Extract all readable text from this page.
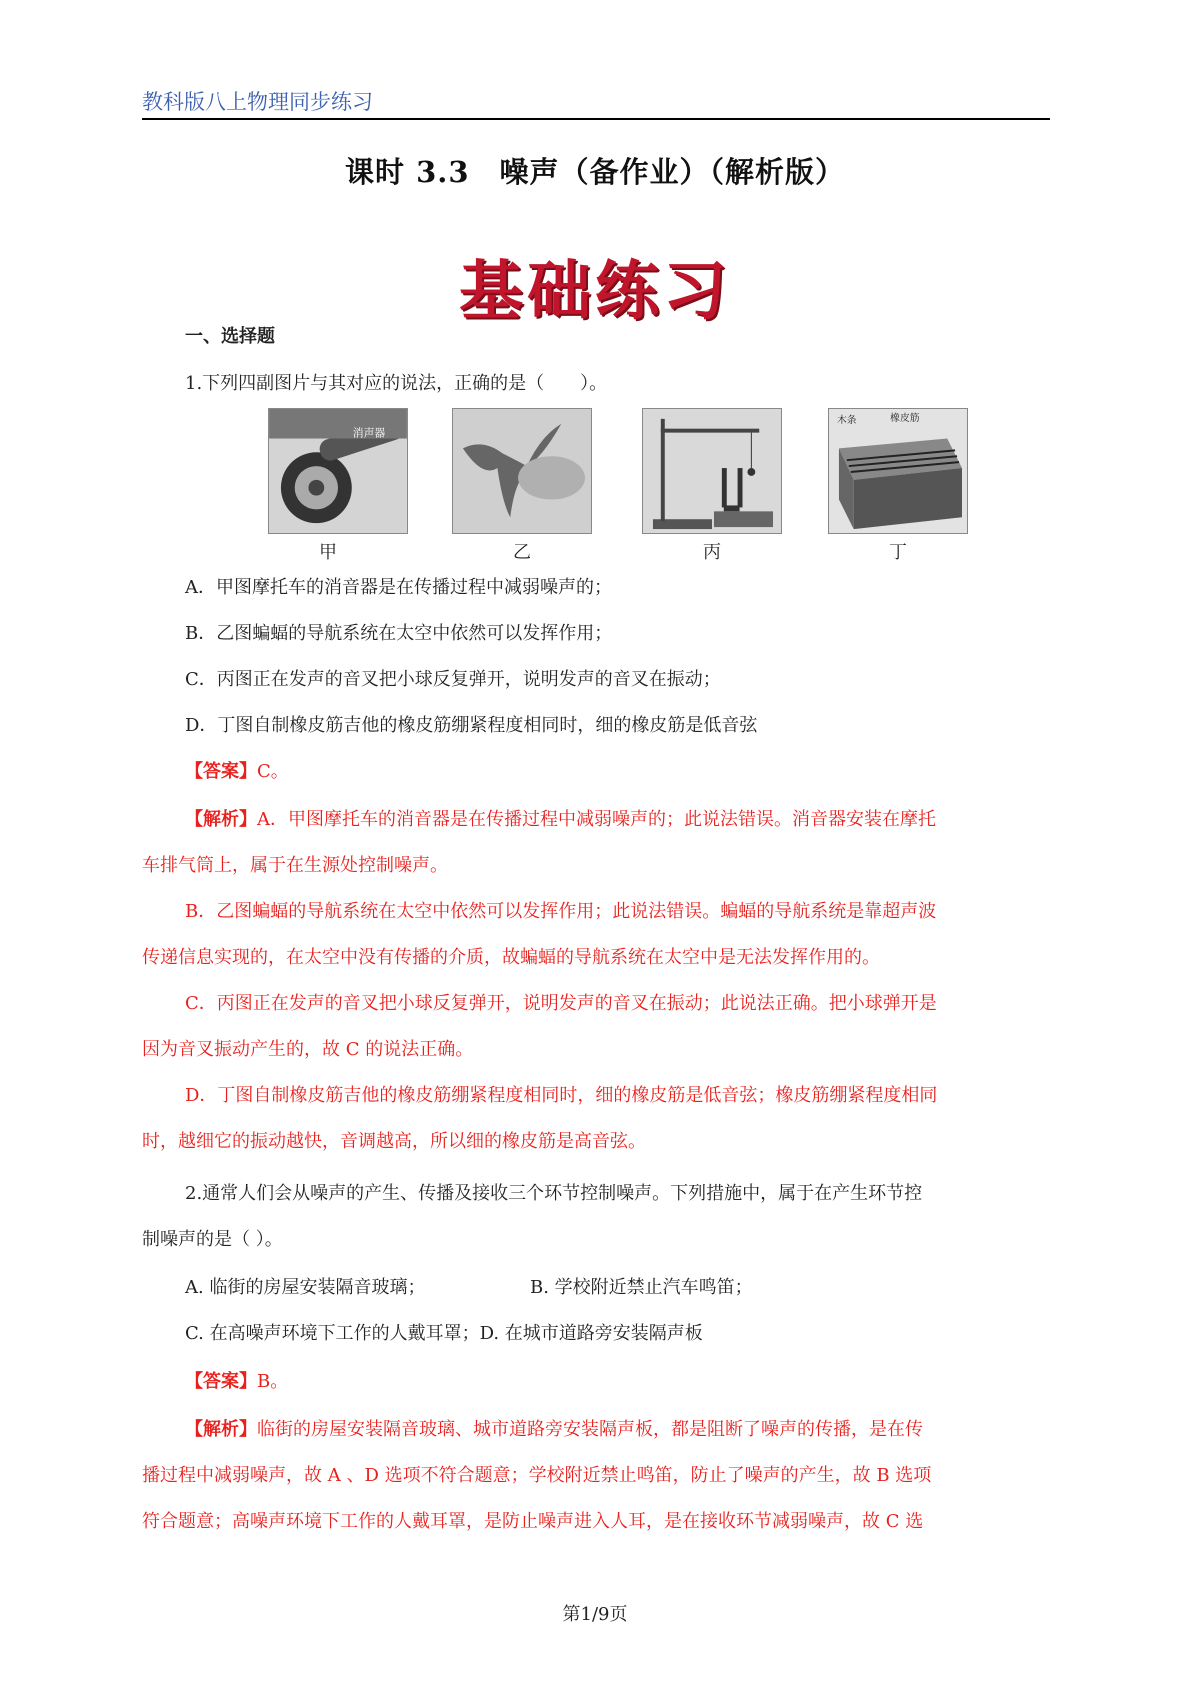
教科版八上物理同步练习
课时 3.3　噪声（备作业）（解析版）
基础练习
一、选择题
1.下列四副图片与其对应的说法，正确的是（　　）。
消声器
甲	乙	丙
木条	橡皮筋
丁
A．甲图摩托车的消音器是在传播过程中减弱噪声的；
B．乙图蝙蝠的导航系统在太空中依然可以发挥作用；
C．丙图正在发声的音叉把小球反复弹开，说明发声的音叉在振动；
D．丁图自制橡皮筋吉他的橡皮筋绷紧程度相同时，细的橡皮筋是低音弦
【答案】C。
【解析】A．甲图摩托车的消音器是在传播过程中减弱噪声的；此说法错误。消音器安装在摩托
车排气筒上，属于在生源处控制噪声。
B．乙图蝙蝠的导航系统在太空中依然可以发挥作用；此说法错误。蝙蝠的导航系统是靠超声波
传递信息实现的，在太空中没有传播的介质，故蝙蝠的导航系统在太空中是无法发挥作用的。
C．丙图正在发声的音叉把小球反复弹开，说明发声的音叉在振动；此说法正确。把小球弹开是
因为音叉振动产生的，故 C 的说法正确。
D．丁图自制橡皮筋吉他的橡皮筋绷紧程度相同时，细的橡皮筋是低音弦；橡皮筋绷紧程度相同
时，越细它的振动越快，音调越高，所以细的橡皮筋是高音弦。
2.通常人们会从噪声的产生、传播及接收三个环节控制噪声。下列措施中，属于在产生环节控
制噪声的是（ ）。
A. 临街的房屋安装隔音玻璃；	B. 学校附近禁止汽车鸣笛；
C. 在高噪声环境下工作的人戴耳罩；D. 在城市道路旁安装隔声板
【答案】B。
【解析】临街的房屋安装隔音玻璃、城市道路旁安装隔声板，都是阻断了噪声的传播，是在传
播过程中减弱噪声，故 A 、D 选项不符合题意；学校附近禁止鸣笛，防止了噪声的产生，故 B 选项
符合题意；高噪声环境下工作的人戴耳罩，是防止噪声进入人耳，是在接收环节减弱噪声，故 C 选
第1/9页
